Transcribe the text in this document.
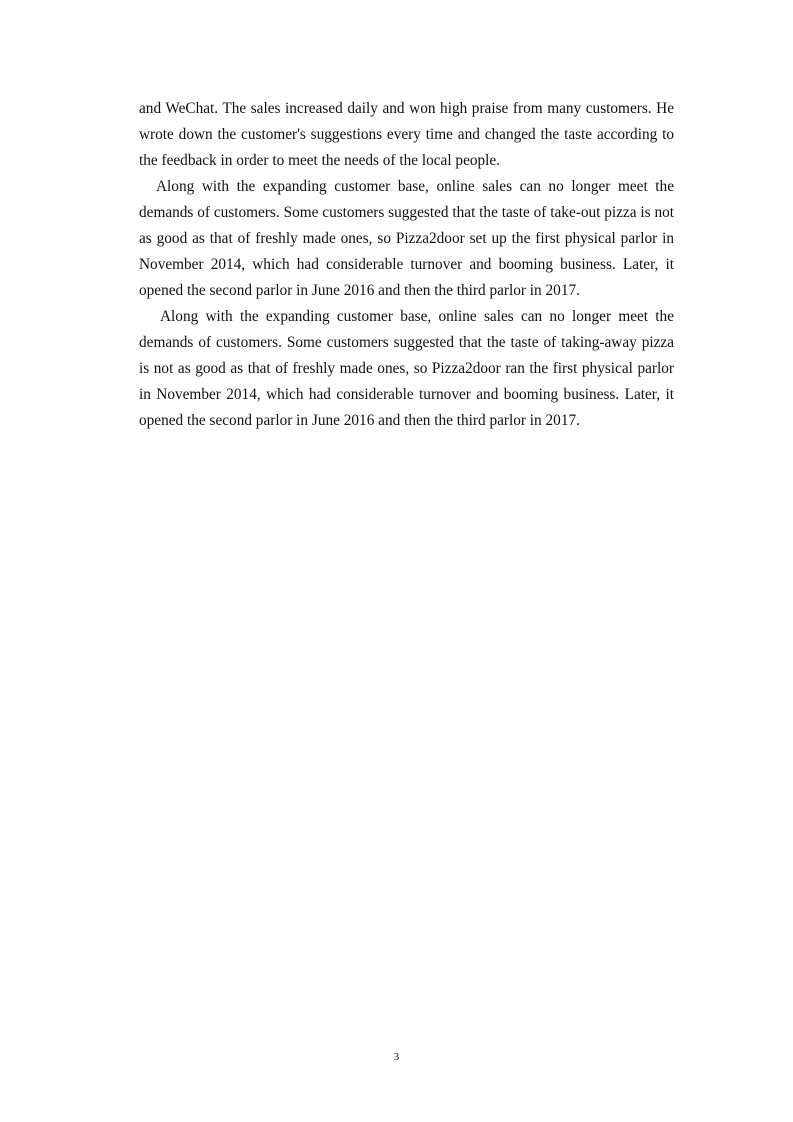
and WeChat. The sales increased daily and won high praise from many customers. He wrote down the customer's suggestions every time and changed the taste according to the feedback in order to meet the needs of the local people.

Along with the expanding customer base, online sales can no longer meet the demands of customers. Some customers suggested that the taste of take-out pizza is not as good as that of freshly made ones, so Pizza2door set up the first physical parlor in November 2014, which had considerable turnover and booming business. Later, it opened the second parlor in June 2016 and then the third parlor in 2017.

Along with the expanding customer base, online sales can no longer meet the demands of customers. Some customers suggested that the taste of taking-away pizza is not as good as that of freshly made ones, so Pizza2door ran the first physical parlor in November 2014, which had considerable turnover and booming business. Later, it opened the second parlor in June 2016 and then the third parlor in 2017.

3
